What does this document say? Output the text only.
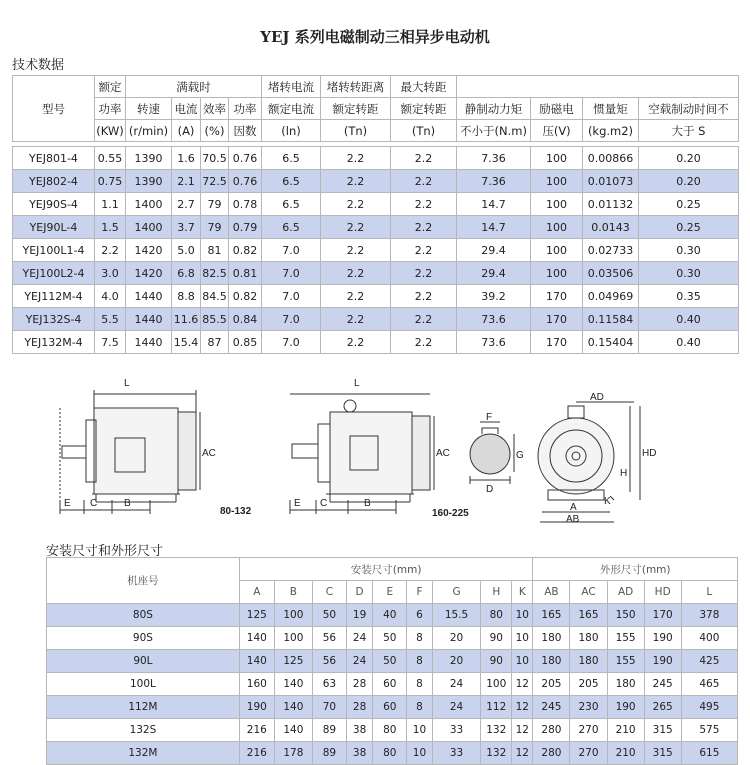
YEJ 系列电磁制动三相异步电动机
技术数据
型号	额定	满载时				堵转电流	堵转转距离	最大转距				
	功率	转速	电流	效率	功率	额定电流	额定转距	额定转距	静制动力矩	励磁电	惯量矩	空载制动时间不
	(KW)	(r/min)	(A)	(%)	因数	(ln)	(Tn)	(Tn)	不小于(N.m)	压(V)	(kg.m2)	大于 S

YEJ801-4	0.55	1390	1.6	70.5	0.76	6.5	2.2	2.2	7.36	100	0.00866	0.20
YEJ802-4	0.75	1390	2.1	72.5	0.76	6.5	2.2	2.2	7.36	100	0.01073	0.20
YEJ90S-4	1.1	1400	2.7	79	0.78	6.5	2.2	2.2	14.7	100	0.01132	0.25
YEJ90L-4	1.5	1400	3.7	79	0.79	6.5	2.2	2.2	14.7	100	0.0143	0.25
YEJ100L1-4	2.2	1420	5.0	81	0.82	7.0	2.2	2.2	29.4	100	0.02733	0.30
YEJ100L2-4	3.0	1420	6.8	82.5	0.81	7.0	2.2	2.2	29.4	100	0.03506	0.30
YEJ112M-4	4.0	1440	8.8	84.5	0.82	7.0	2.2	2.2	39.2	170	0.04969	0.35
YEJ132S-4	5.5	1440	11.6	85.5	0.84	7.0	2.2	2.2	73.6	170	0.11584	0.40
YEJ132M-4	7.5	1440	15.4	87	0.85	7.0	2.2	2.2	73.6	170	0.15404	0.40
L
AC
E C	B
80-132
L
AC
E C	B
160-225
F
G
D
AD
HD
H
K
A
AB
安装尺寸和外形尺寸
机座号	安装尺寸(mm)									外形尺寸(mm)				
	A	B	C	D	E	F	G	H	K	AB	AC	AD	HD	L
80S	125	100	50	19	40	6	15.5	80	10	165	165	150	170	378
90S	140	100	56	24	50	8	20	90	10	180	180	155	190	400
90L	140	125	56	24	50	8	20	90	10	180	180	155	190	425
100L	160	140	63	28	60	8	24	100	12	205	205	180	245	465
112M	190	140	70	28	60	8	24	112	12	245	230	190	265	495
132S	216	140	89	38	80	10	33	132	12	280	270	210	315	575
132M	216	178	89	38	80	10	33	132	12	280	270	210	315	615
